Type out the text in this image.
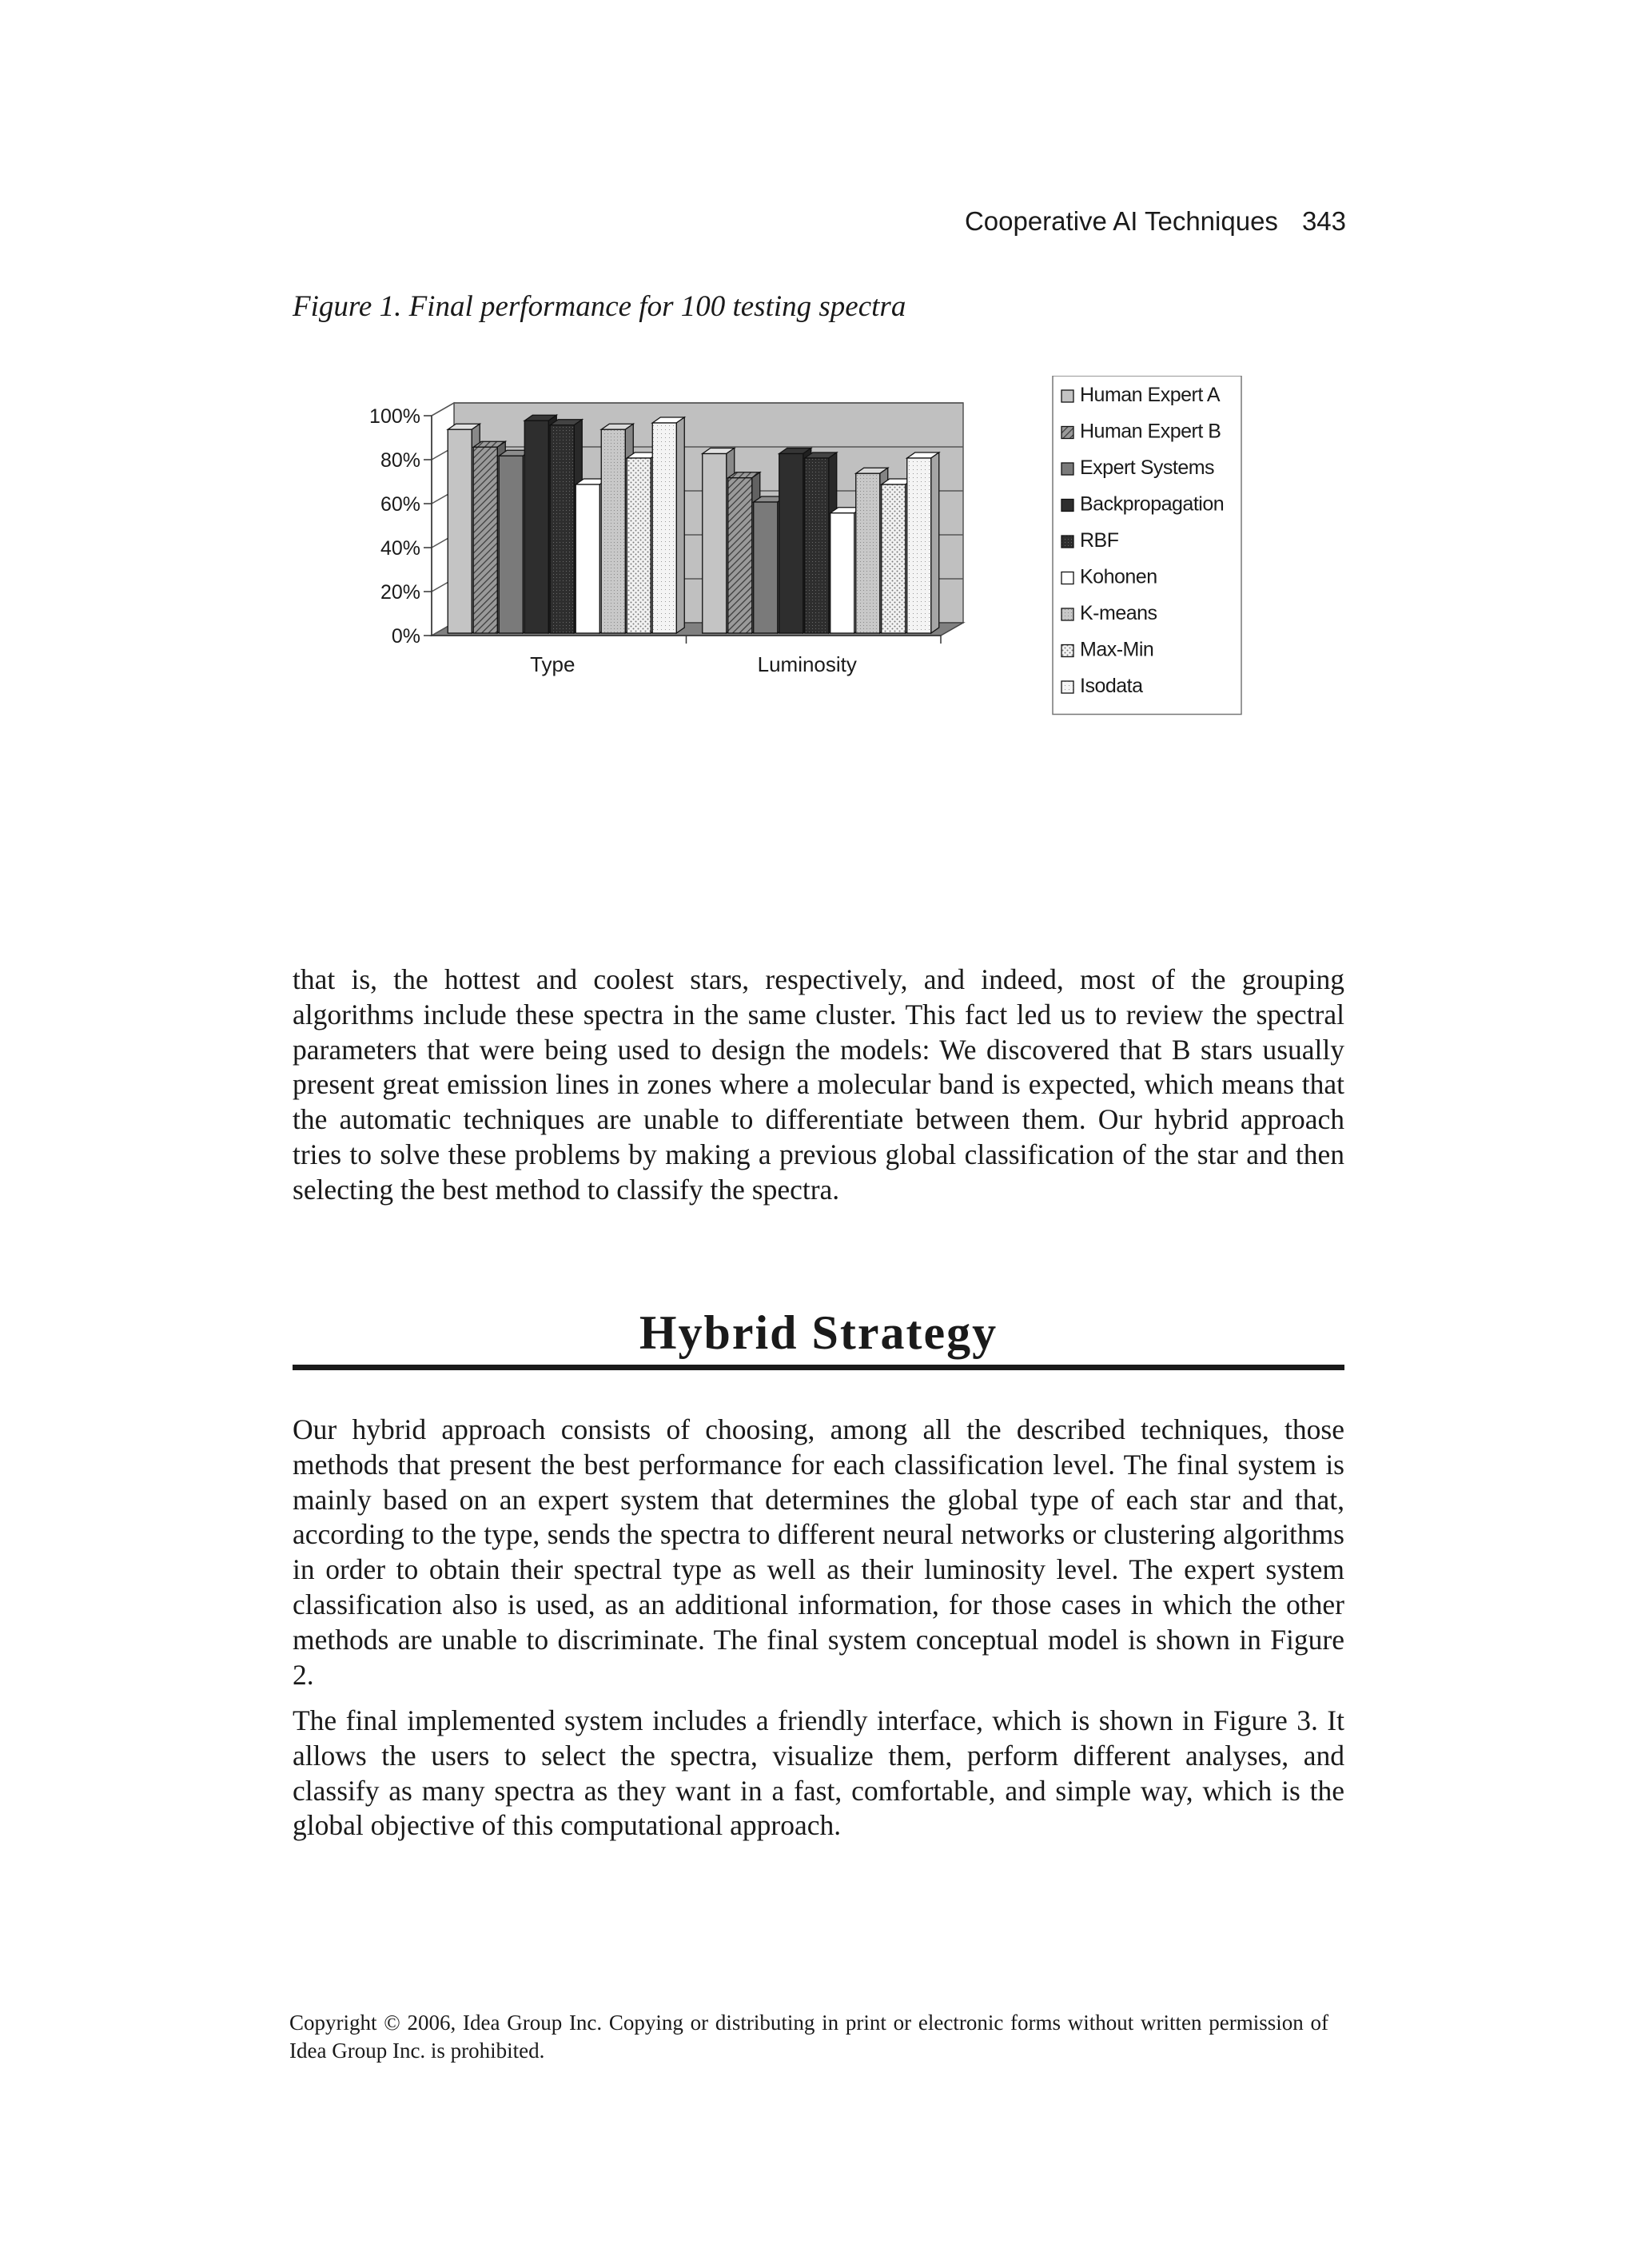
Cooperative AI Techniques 343
Figure 1. Final performance for 100 testing spectra
0%
20%
40%
60%
80%
100%
Type	Luminosity
Human Expert A
Human Expert B
Expert Systems
Backpropagation
RBF
Kohonen
K-means
Max-Min
Isodata

that is, the hottest and coolest stars, respectively, and indeed, most of the grouping algorithms include these spectra in the same cluster. This fact led us to review the spectral parameters that were being used to design the models: We discovered that B stars usually present great emission lines in zones where a molecular band is expected, which means that the automatic techniques are unable to differentiate between them. Our hybrid approach tries to solve these problems by making a previous global classification of the star and then selecting the best method to classify the spectra.

Hybrid Strategy

Our hybrid approach consists of choosing, among all the described techniques, those methods that present the best performance for each classification level. The final system is mainly based on an expert system that determines the global type of each star and that, according to the type, sends the spectra to different neural networks or clustering algorithms in order to obtain their spectral type as well as their luminosity level. The expert system classification also is used, as an additional information, for those cases in which the other methods are unable to discriminate. The final system conceptual model is shown in Figure 2.

The final implemented system includes a friendly interface, which is shown in Figure 3. It allows the users to select the spectra, visualize them, perform different analyses, and classify as many spectra as they want in a fast, comfortable, and simple way, which is the global objective of this computational approach.

Copyright © 2006, Idea Group Inc. Copying or distributing in print or electronic forms without written permission of Idea Group Inc. is prohibited.
